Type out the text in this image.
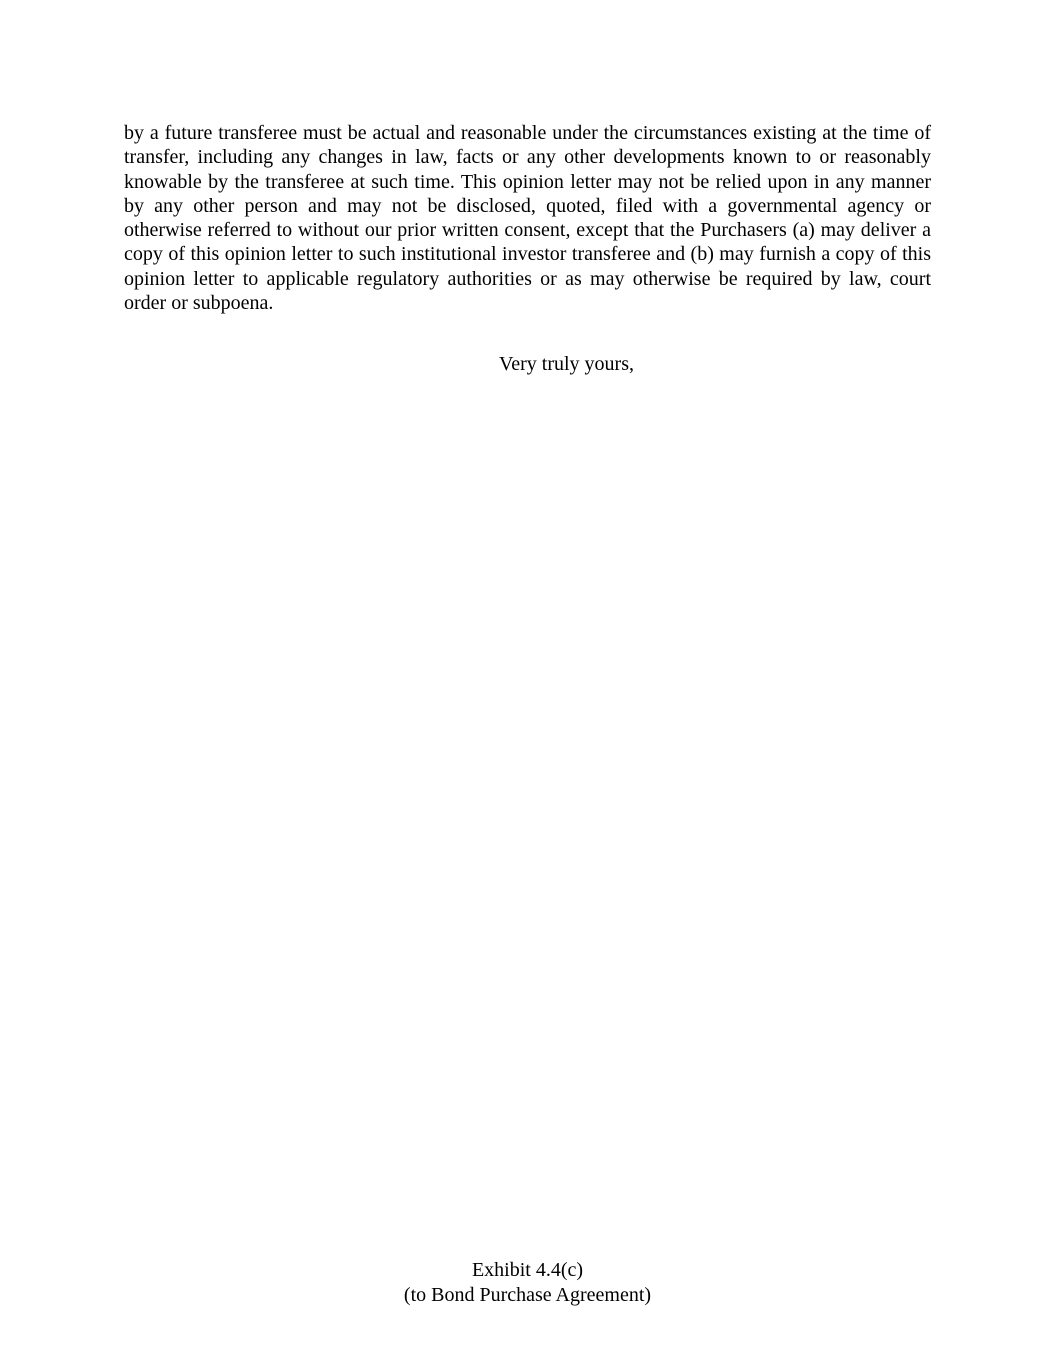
by a future transferee must be actual and reasonable under the circumstances existing at the time of transfer, including any changes in law, facts or any other developments known to or reasonably knowable by the transferee at such time. This opinion letter may not be relied upon in any manner by any other person and may not be disclosed, quoted, filed with a governmental agency or otherwise referred to without our prior written consent, except that the Purchasers (a) may deliver a copy of this opinion letter to such institutional investor transferee and (b) may furnish a copy of this opinion letter to applicable regulatory authorities or as may otherwise be required by law, court order or subpoena.

Very truly yours,
Exhibit 4.4(c)
(to Bond Purchase Agreement)
